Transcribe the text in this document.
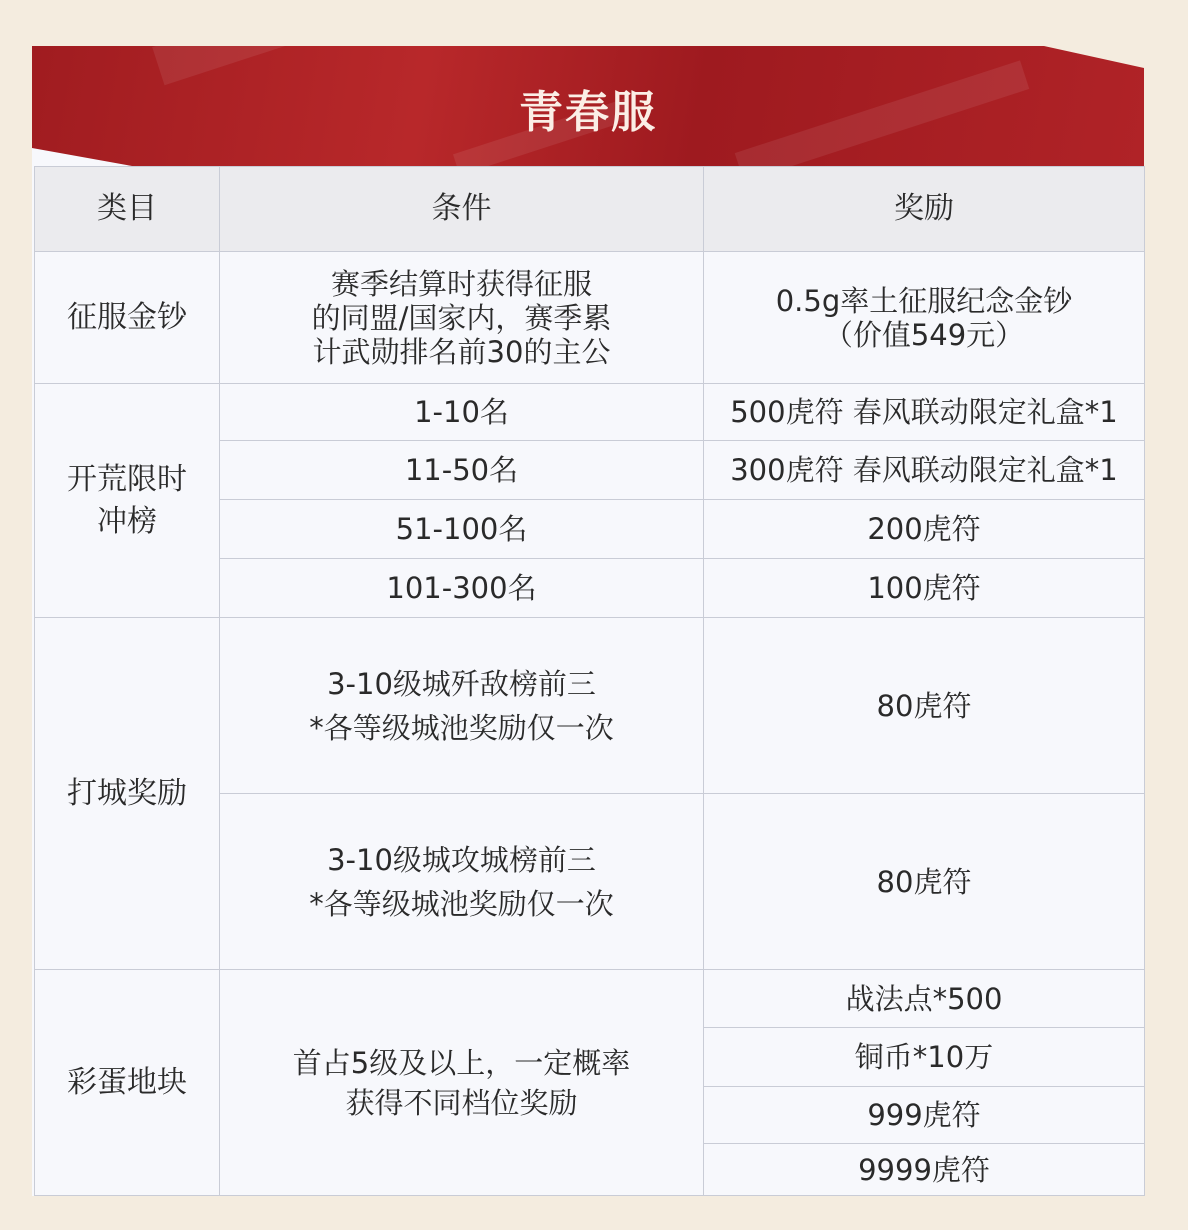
青春服
类目	条件	奖励
征服金钞	赛季结算时获得征服
的同盟/国家内，赛季累
计武勋排名前30的主公	0.5g率土征服纪念金钞
（价值549元）

开荒限时
冲榜	1-10名	500虎符 春风联动限定礼盒*1
	11-50名	300虎符 春风联动限定礼盒*1
	51-100名	200虎符
	101-300名	100虎符
打城奖励	3-10级城歼敌榜前三
*各等级城池奖励仅一次	80虎符

	3-10级城攻城榜前三
*各等级城池奖励仅一次	80虎符
彩蛋地块	首占5级及以上，一定概率
获得不同档位奖励	战法点*500
		铜币*10万
		999虎符
		9999虎符
